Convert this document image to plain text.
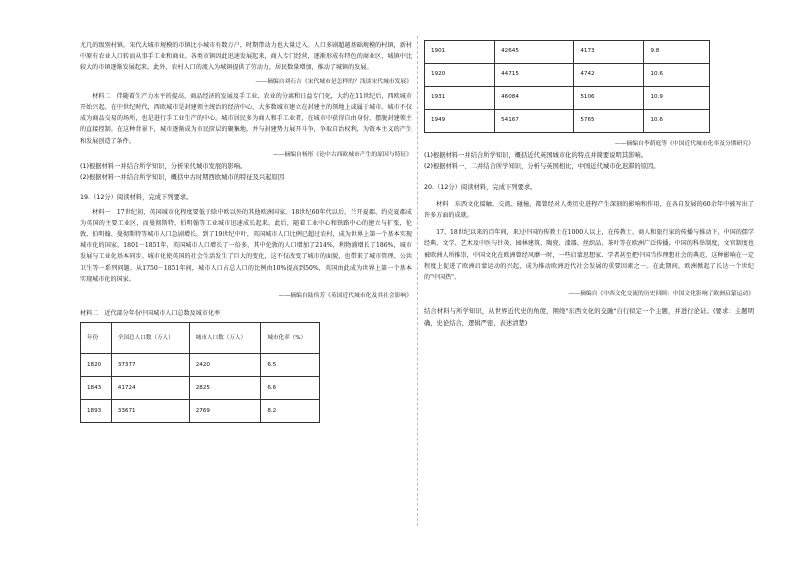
尤几的级别村镇。宋代大城市规模的市镇比小城市有数万户，时期带动力也大量迁入。人口多剧超越基础规模的村镇，新村中原有农业人口转而从事手工业和商业。各类市镇因此迅速发展起来，商人专门经营，逐渐形成有特色的商业区，城镇中比较大的市镇逐渐发展起来。此外，农村人口的流入为城镇提供了劳动力，居民数量增加，推动了城镇的发展。

——摘编自刘石吉《宋代城市是怎样的？浅谈宋代城市发展》

材料二　伴随着生产力水平的提高、商品经济的发展及手工业、农业的分离和日益专门化，大约在11世纪后，西欧城市开始兴起。在中世纪时代，西欧城市是封建领主统治的经济中心，大多数城市建立在封建主的领地上或属于城市。城市不仅成为商品交易的场所，也是进行手工业生产的中心。城市居民多为商人和手工业者，在城市中获得自由身份，摆脱封建领主的直接控制。在这种背景下，城市逐渐成为市民阶层的聚集地，并与封建势力展开斗争，争取自治权利，为资本主义的产生和发展创造了条件。

——摘编自杨彤《论中古西欧城市产生的原因与特征》

(1)根据材料一并结合所学知识，分析宋代城市发展的影响。

(2)根据材料一并结合所学知识，概括中古时期西欧城市的特征及兴起原因

19.（12分）阅读材料，完成下列要求。

材料一　17世纪初，英国城市化程度要低于除中欧以外的其他欧洲国家。18世纪60年代以后，兰开夏郡、约克夏郡成为英国的主要工业区，而曼彻斯特、伯明翰等工业城市迅速成长起来。此后，随着工业中心和铁路中心的建立与扩张，伦敦、伯明翰、曼彻斯特等城市人口急剧增长。到了19世纪中叶，英国城市人口比例已超过农村，成为世界上第一个基本实现城市化的国家。1801－1851年，英国城市人口增长了一倍多，其中伦敦的人口增加了214%，利物浦增长了186%，城市发展与工业化基本同步。城市化使英国的社会生活发生了巨大的变化，这不仅改变了城市的面貌，也带来了城市管理、公共卫生等一系列问题。从1750－1851年间，城市人口占总人口的比例由10%提高到50%，英国由此成为世界上第一个基本实现城市化的国家。

——摘编自陆伟芳《英国近代城市化及其社会影响》

材料二　近代部分年份中国城市人口总数及城市化率

年份	全国总人口数（万人）	城市人口数（万人）	城市化率（%）
1820	37377	2420	6.5
1843	41724	2825	6.6
1893	33671	2769	8.2
1901	42645	4173	9.8
1920	44715	4742	10.6
1931	46084	5106	10.9
1949	54167	5765	10.6

——摘编自李荫庭等《中国近代城市化率及分期研究》

(1)根据材料一并结合所学知识，概括近代英国城市化的特点并简要说明其影响。

(2)根据材料一、二并结合所学知识，分析与英国相比，中国近代城市化迟滞的原因。

20.（12分）阅读材料，完成下列要求。

材料　东西文化接触、交流、碰撞，都曾经对人类历史进程产生深刻的影响和作用，在各自发展的60余年中被写出了许多方面的成就。

17、18世纪以来的百年间，来过中国的传教士在1000人以上，在传教士、商人和旅行家的传播与推动下，中国的儒学经典、文学、艺术及中医与针灸、园林建筑、陶瓷、漆器、丝织品、茶叶等在欧洲广泛传播，中国的科举制度、文官制度也被欧洲人所推崇，中国文化在欧洲曾经风靡一时，一些启蒙思想家、学者甚至把中国当作理想社会的典范，这种影响在一定程度上促进了欧洲启蒙运动的兴起，成为推动欧洲近代社会发展的重要因素之一。在此期间，欧洲掀起了长达一个世纪的"中国热"。

——摘编自《中西文化交流的历史回顾：中国文化影响了欧洲启蒙运动》

结合材料与所学知识，从世界近代史的角度，围绕"东西文化的交融"自行拟定一个主题，并进行论证。(要求：主题明确，史论结合，逻辑严密，表述清楚)
